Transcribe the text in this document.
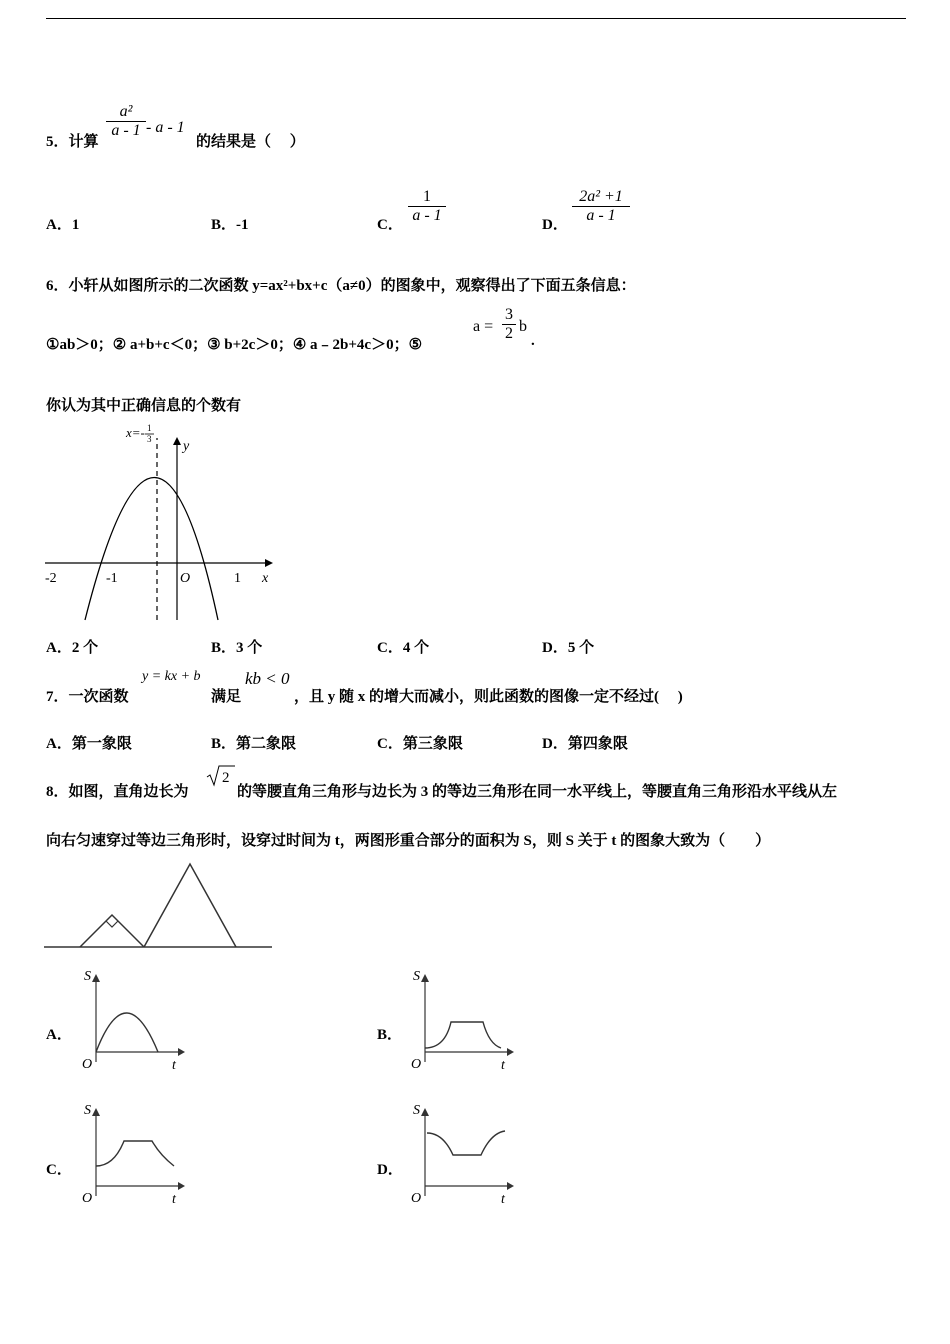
5．计算
a²
a - 1 - a - 1
的结果是（　 ）
A．1	B．-1	C．
1
a - 1
D．
2a² +1
a - 1
6．小轩从如图所示的二次函数 y=ax²+bx+c（a≠0）的图象中，观察得出了下面五条信息：
①ab＞0；② a+b+c＜0；③ b+2c＞0；④ a﹣2b+4c＞0；⑤
a =
3
2 b
.
你认为其中正确信息的个数有
x=- 1
3 y
x
O
-2	-1	1
A．2 个	B．3 个	C．4 个	D．5 个
7．一次函数
y = kx + b
满足
kb < 0
，且 y 随 x 的增大而减小，则此函数的图像一定不经过(　 )
A．第一象限	B．第二象限	C．第三象限	D．第四象限
8．如图，直角边长为
2
的等腰直角三角形与边长为 3 的等边三角形在同一水平线上，等腰直角三角形沿水平线从左
向右匀速穿过等边三角形时，设穿过时间为 t，两图形重合部分的面积为 S，则 S 关于 t 的图象大致为（　　）
A．
S
O	t
B．
S
O	t
C．
S
O	t
D．
S
O	t
